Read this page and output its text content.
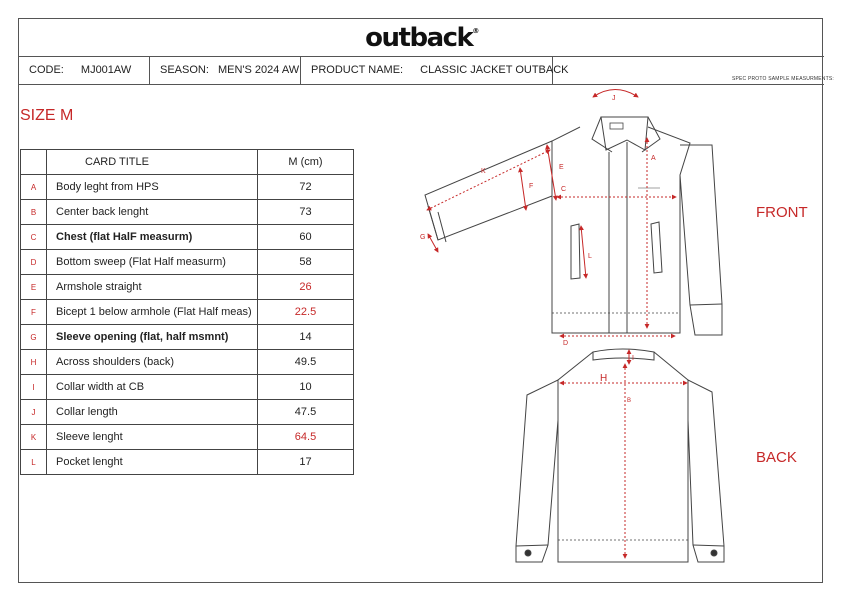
outback®
CODE: MJ001AW	SEASON: MEN'S 2024 AW	PRODUCT NAME: CLASSIC JACKET OUTBACK
SPEC PROTO SAMPLE MEASURMENTS:
SIZE M
	CARD TITLE	M (cm)
A	Body leght from HPS	72
B	Center back lenght	73
C	Chest (flat HalF measurm)	60
D	Bottom sweep (Flat Half measurm)	58
E	Armshole straight	26
F	Bicept 1 below armhole (Flat Half meas)	22.5
G	Sleeve opening (flat, half msmnt)	14
H	Across shoulders (back)	49.5
I	Collar width at CB	10
J	Collar length	47.5
K	Sleeve lenght	64.5
L	Pocket lenght	17
FRONT
BACK
J
K
E
F	C
A
L
G
D
I
H
B
